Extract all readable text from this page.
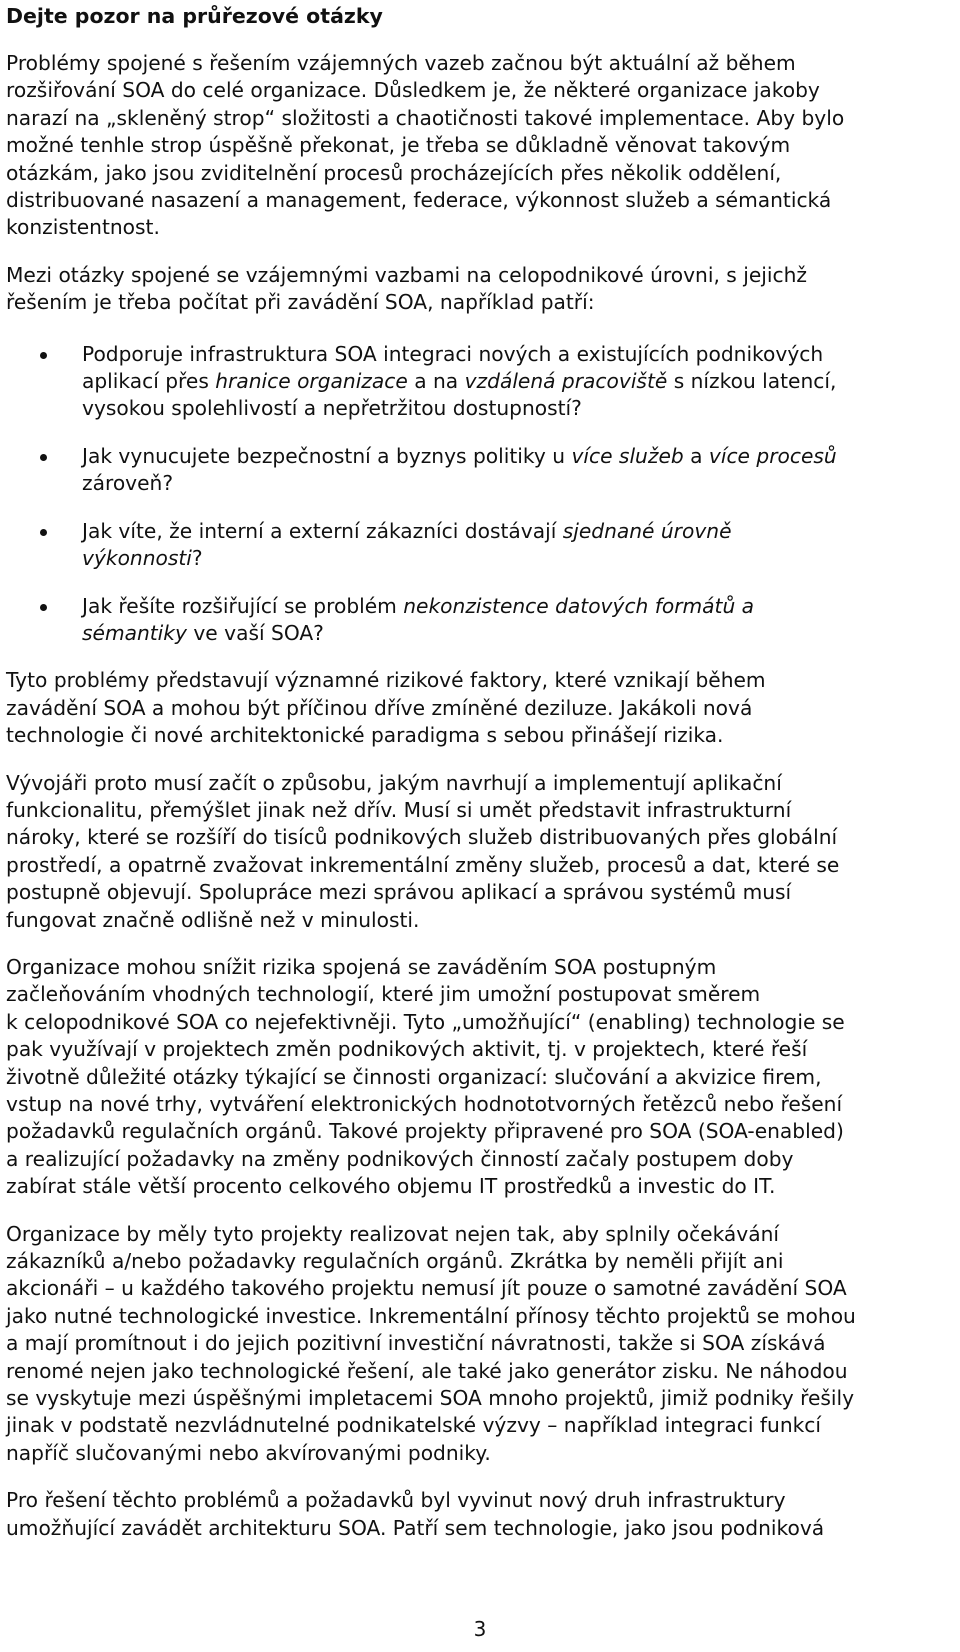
Dejte pozor na průřezové otázky

Problémy spojené s řešením vzájemných vazeb začnou být aktuální až během
rozšiřování SOA do celé organizace. Důsledkem je, že některé organizace jakoby
narazí na „skleněný strop“ složitosti a chaotičnosti takové implementace. Aby bylo
možné tenhle strop úspěšně překonat, je třeba se důkladně věnovat takovým
otázkám, jako jsou zviditelnění procesů procházejících přes několik oddělení,
distribuované nasazení a management, federace, výkonnost služeb a sémantická
konzistentnost.

Mezi otázky spojené se vzájemnými vazbami na celopodnikové úrovni, s jejichž
řešením je třeba počítat při zavádění SOA, například patří:

Podporuje infrastruktura SOA integraci nových a existujících podnikových
aplikací přes hranice organizace a na vzdálená pracoviště s nízkou latencí,
vysokou spolehlivostí a nepřetržitou dostupností?
Jak vynucujete bezpečnostní a byznys politiky u více služeb a více procesů
zároveň?
Jak víte, že interní a externí zákazníci dostávají sjednané úrovně
výkonnosti?
Jak řešíte rozšiřující se problém nekonzistence datových formátů a
sémantiky ve vaší SOA?

Tyto problémy představují významné rizikové faktory, které vznikají během
zavádění SOA a mohou být příčinou dříve zmíněné deziluze. Jakákoli nová
technologie či nové architektonické paradigma s sebou přinášejí rizika.

Vývojáři proto musí začít o způsobu, jakým navrhují a implementují aplikační
funkcionalitu, přemýšlet jinak než dřív. Musí si umět představit infrastrukturní
nároky, které se rozšíří do tisíců podnikových služeb distribuovaných přes globální
prostředí, a opatrně zvažovat inkrementální změny služeb, procesů a dat, které se
postupně objevují. Spolupráce mezi správou aplikací a správou systémů musí
fungovat značně odlišně než v minulosti.

Organizace mohou snížit rizika spojená se zaváděním SOA postupným
začleňováním vhodných technologií, které jim umožní postupovat směrem
k celopodnikové SOA co nejefektivněji. Tyto „umožňující“ (enabling) technologie se
pak využívají v projektech změn podnikových aktivit, tj. v projektech, které řeší
životně důležité otázky týkající se činnosti organizací: slučování a akvizice firem,
vstup na nové trhy, vytváření elektronických hodnototvorných řetězců nebo řešení
požadavků regulačních orgánů. Takové projekty připravené pro SOA (SOA-enabled)
a realizující požadavky na změny podnikových činností začaly postupem doby
zabírat stále větší procento celkového objemu IT prostředků a investic do IT.

Organizace by měly tyto projekty realizovat nejen tak, aby splnily očekávání
zákazníků a/nebo požadavky regulačních orgánů. Zkrátka by neměli přijít ani
akcionáři – u každého takového projektu nemusí jít pouze o samotné zavádění SOA
jako nutné technologické investice. Inkrementální přínosy těchto projektů se mohou
a mají promítnout i do jejich pozitivní investiční návratnosti, takže si SOA získává
renomé nejen jako technologické řešení, ale také jako generátor zisku. Ne náhodou
se vyskytuje mezi úspěšnými impletacemi SOA mnoho projektů, jimiž podniky řešily
jinak v podstatě nezvládnutelné podnikatelské výzvy – například integraci funkcí
napříč slučovanými nebo akvírovanými podniky.

Pro řešení těchto problémů a požadavků byl vyvinut nový druh infrastruktury
umožňující zavádět architekturu SOA. Patří sem technologie, jako jsou podniková

3
